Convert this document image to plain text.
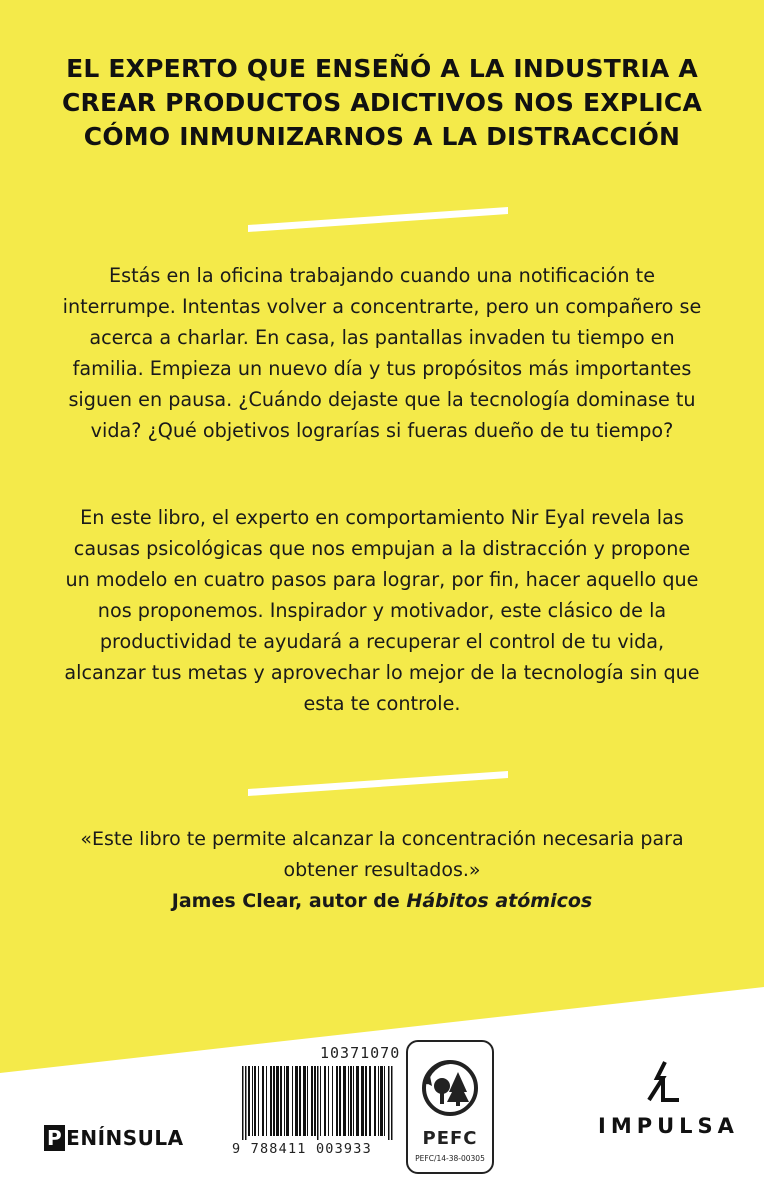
EL EXPERTO QUE ENSEÑÓ A LA INDUSTRIA A CREAR PRODUCTOS ADICTIVOS NOS EXPLICA CÓMO INMUNIZARNOS A LA DISTRACCIÓN

Estás en la oficina trabajando cuando una notificación te interrumpe. Intentas volver a concentrarte, pero un compañero se acerca a charlar. En casa, las pantallas invaden tu tiempo en familia. Empieza un nuevo día y tus propósitos más importantes siguen en pausa. ¿Cuándo dejaste que la tecnología dominase tu vida? ¿Qué objetivos lograrías si fueras dueño de tu tiempo?

En este libro, el experto en comportamiento Nir Eyal revela las causas psicológicas que nos empujan a la distracción y propone un modelo en cuatro pasos para lograr, por fin, hacer aquello que nos proponemos. Inspirador y motivador, este clásico de la productividad te ayudará a recuperar el control de tu vida, alcanzar tus metas y aprovechar lo mejor de la tecnología sin que esta te controle.

«Este libro te permite alcanzar la concentración necesaria para obtener resultados.»
James Clear, autor de Hábitos atómicos

P ENÍNSULA
10371070
9 788411 003933	PEFC
PEFC/14-38-00305
IMPULSA
